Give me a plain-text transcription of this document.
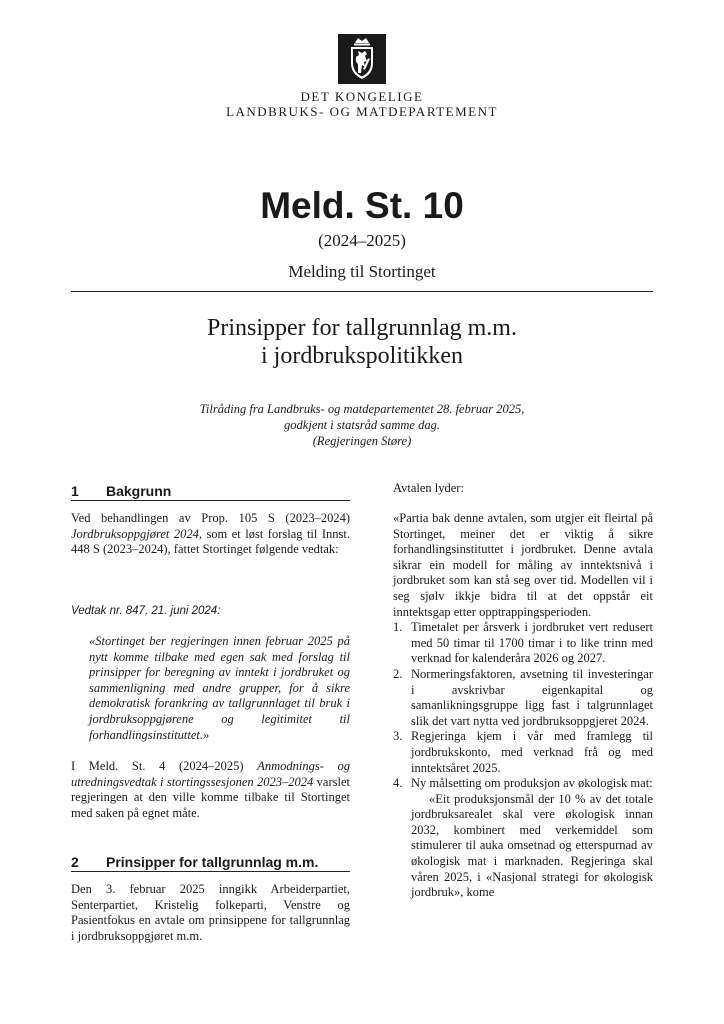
DET KONGELIGE
LANDBRUKS- OG MATDEPARTEMENT
Meld. St. 10
(2024–2025)
Melding til Stortinget
Prinsipper for tallgrunnlag m.m.
i jordbrukspolitikken
Tilråding fra Landbruks- og matdepartementet 28. februar 2025,
godkjent i statsråd samme dag.
(Regjeringen Støre)
1 Bakgrunn

Ved behandlingen av Prop. 105 S (2023–2024) Jordbruksoppgjøret 2024, som et løst forslag til Innst. 448 S (2023–2024), fattet Stortinget følgende vedtak:

Vedtak nr. 847, 21. juni 2024:

«Stortinget ber regjeringen innen februar 2025 på nytt komme tilbake med egen sak med forslag til prinsipper for beregning av inntekt i jordbruket og sammenligning med andre grupper, for å sikre demokratisk forankring av tallgrunnlaget til bruk i jordbruksoppgjørene og legitimitet til forhandlingsinstituttet.»

I Meld. St. 4 (2024–2025) Anmodnings- og utredningsvedtak i stortingssesjonen 2023–2024 varslet regjeringen at den ville komme tilbake til Stortinget med saken på egnet måte.

2 Prinsipper for tallgrunnlag m.m.

Den 3. februar 2025 inngikk Arbeiderpartiet, Senterpartiet, Kristelig folkeparti, Venstre og Pasientfokus en avtale om prinsippene for tallgrunnlag i jordbruksoppgjøret m.m.

Avtalen lyder:

«Partia bak denne avtalen, som utgjer eit fleirtal på Stortinget, meiner det er viktig å sikre forhandlingsinstituttet i jordbruket. Denne avtala sikrar ein modell for måling av inntektsnivå i jordbruket som kan stå seg over tid. Modellen vil i seg sjølv ikkje bidra til at det oppstår eit inntektsgap etter opptrappingsperioden.

1. Timetalet per årsverk i jordbruket vert redusert med 50 timar til 1700 timar i to like trinn med verknad for kalenderåra 2026 og 2027.
2. Normeringsfaktoren, avsetning til investeringar i avskrivbar eigenkapital og samanlikningsgruppe ligg fast i talgrunnlaget slik det vart nytta ved jordbruksoppgjeret 2024.
3. Regjeringa kjem i vår med framlegg til jordbrukskonto, med verknad frå og med inntektsåret 2025.
4. Ny målsetting om produksjon av økologisk mat:

«Eit produksjonsmål der 10 % av det totale jordbruksarealet skal vere økologisk innan 2032, kombinert med verkemiddel som stimulerer til auka omsetnad og etterspurnad av økologisk mat i marknaden. Regjeringa skal våren 2025, i «Nasjonal strategi for økologisk jordbruk», kome
